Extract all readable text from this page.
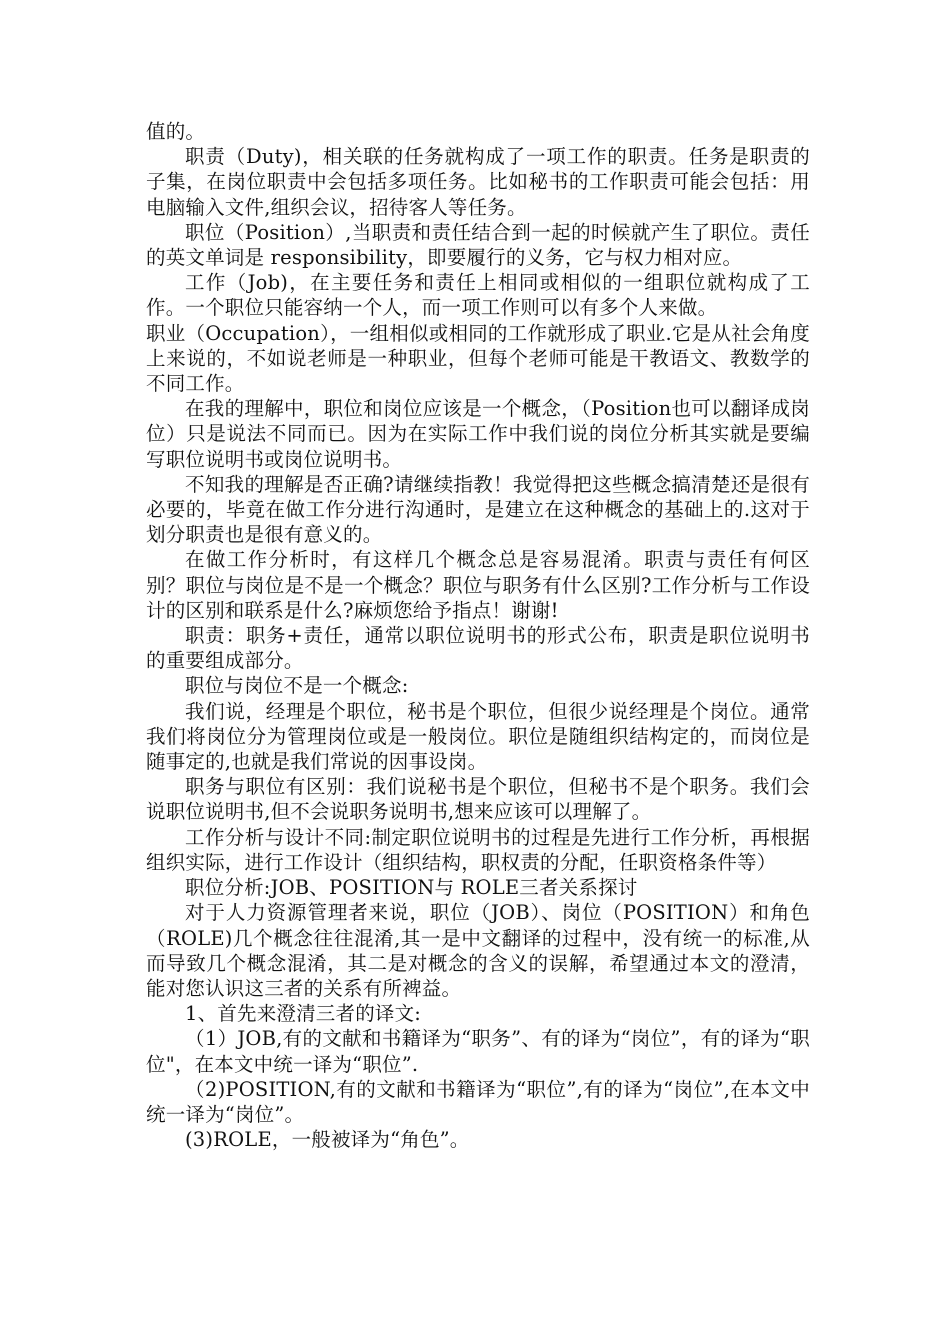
值的。

职责（Duty)，相关联的任务就构成了一项工作的职责。任务是职责的子集，在岗位职责中会包括多项任务。比如秘书的工作职责可能会包括：用电脑输入文件,组织会议，招待客人等任务。

职位（Position）,当职责和责任结合到一起的时候就产生了职位。责任的英文单词是 responsibility，即要履行的义务，它与权力相对应。

工作（Job)，在主要任务和责任上相同或相似的一组职位就构成了工作。一个职位只能容纳一个人，而一项工作则可以有多个人来做。

职业（Occupation），一组相似或相同的工作就形成了职业.它是从社会角度上来说的，不如说老师是一种职业，但每个老师可能是干教语文、教数学的不同工作。

在我的理解中，职位和岗位应该是一个概念，（Position也可以翻译成岗位）只是说法不同而已。因为在实际工作中我们说的岗位分析其实就是要编写职位说明书或岗位说明书。

不知我的理解是否正确?请继续指教！我觉得把这些概念搞清楚还是很有必要的，毕竟在做工作分进行沟通时，是建立在这种概念的基础上的.这对于划分职责也是很有意义的。

在做工作分析时，有这样几个概念总是容易混淆。职责与责任有何区别？职位与岗位是不是一个概念？职位与职务有什么区别?工作分析与工作设计的区别和联系是什么?麻烦您给予指点！谢谢!

职责：职务+责任，通常以职位说明书的形式公布，职责是职位说明书的重要组成部分。

职位与岗位不是一个概念:

我们说，经理是个职位，秘书是个职位，但很少说经理是个岗位。通常我们将岗位分为管理岗位或是一般岗位。职位是随组织结构定的，而岗位是随事定的,也就是我们常说的因事设岗。

职务与职位有区别：我们说秘书是个职位，但秘书不是个职务。我们会说职位说明书,但不会说职务说明书,想来应该可以理解了。

工作分析与设计不同:制定职位说明书的过程是先进行工作分析，再根据组织实际，进行工作设计（组织结构，职权责的分配，任职资格条件等）

职位分析:JOB、POSITION与 ROLE三者关系探讨

对于人力资源管理者来说，职位（JOB）、岗位（POSITION）和角色（ROLE)几个概念往往混淆,其一是中文翻译的过程中，没有统一的标准,从而导致几个概念混淆，其二是对概念的含义的误解，希望通过本文的澄清，能对您认识这三者的关系有所裨益。

1、首先来澄清三者的译文:

（1）JOB,有的文献和书籍译为“职务”、有的译为“岗位”，有的译为“职位"，在本文中统一译为“职位”.

（2)POSITION,有的文献和书籍译为“职位”,有的译为“岗位”,在本文中统一译为“岗位”。

(3)ROLE，一般被译为“角色”。
